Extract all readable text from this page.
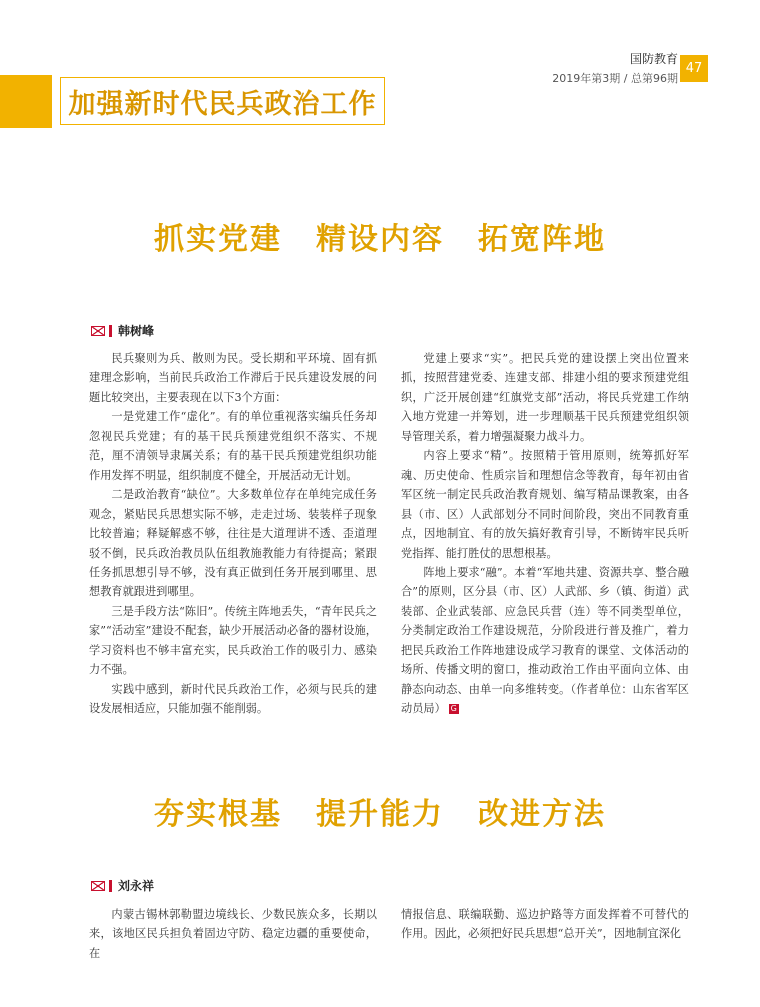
国防教育
2019年第3期 / 总第96期
47
加强新时代民兵政治工作
抓实党建 精设内容 拓宽阵地
韩树峰

民兵聚则为兵、散则为民。受长期和平环境、固有抓建理念影响，当前民兵政治工作滞后于民兵建设发展的问题比较突出，主要表现在以下3个方面：

一是党建工作“虚化”。有的单位重视落实编兵任务却忽视民兵党建；有的基干民兵预建党组织不落实、不规范，厘不清领导隶属关系；有的基干民兵预建党组织功能作用发挥不明显，组织制度不健全，开展活动无计划。

二是政治教育“缺位”。大多数单位存在单纯完成任务观念，紧贴民兵思想实际不够，走走过场、装装样子现象比较普遍；释疑解惑不够，往往是大道理讲不透、歪道理驳不倒，民兵政治教员队伍组教施教能力有待提高；紧跟任务抓思想引导不够，没有真正做到任务开展到哪里、思想教育就跟进到哪里。

三是手段方法“陈旧”。传统主阵地丢失，“青年民兵之家”“活动室”建设不配套，缺少开展活动必备的器材设施，学习资料也不够丰富充实，民兵政治工作的吸引力、感染力不强。

实践中感到，新时代民兵政治工作，必须与民兵的建设发展相适应，只能加强不能削弱。

党建上要求“实”。把民兵党的建设摆上突出位置来抓，按照营建党委、连建支部、排建小组的要求预建党组织，广泛开展创建“红旗党支部”活动，将民兵党建工作纳入地方党建一并筹划，进一步理顺基干民兵预建党组织领导管理关系，着力增强凝聚力战斗力。

内容上要求“精”。按照精于管用原则，统筹抓好军魂、历史使命、性质宗旨和理想信念等教育，每年初由省军区统一制定民兵政治教育规划、编写精品课教案，由各县（市、区）人武部划分不同时间阶段，突出不同教育重点，因地制宜、有的放矢搞好教育引导，不断铸牢民兵听党指挥、能打胜仗的思想根基。

阵地上要求“融”。本着“军地共建、资源共享、整合融合”的原则，区分县（市、区）人武部、乡（镇、街道）武装部、企业武装部、应急民兵营（连）等不同类型单位，分类制定政治工作建设规范，分阶段进行普及推广，着力把民兵政治工作阵地建设成学习教育的课堂、文体活动的场所、传播文明的窗口，推动政治工作由平面向立体、由静态向动态、由单一向多维转变。（作者单位：山东省军区动员局） G

夯实根基 提升能力 改进方法
刘永祥

内蒙古锡林郭勒盟边境线长、少数民族众多，长期以来，该地区民兵担负着固边守防、稳定边疆的重要使命，在

情报信息、联编联勤、巡边护路等方面发挥着不可替代的作用。因此，必须把好民兵思想“总开关”，因地制宜深化
